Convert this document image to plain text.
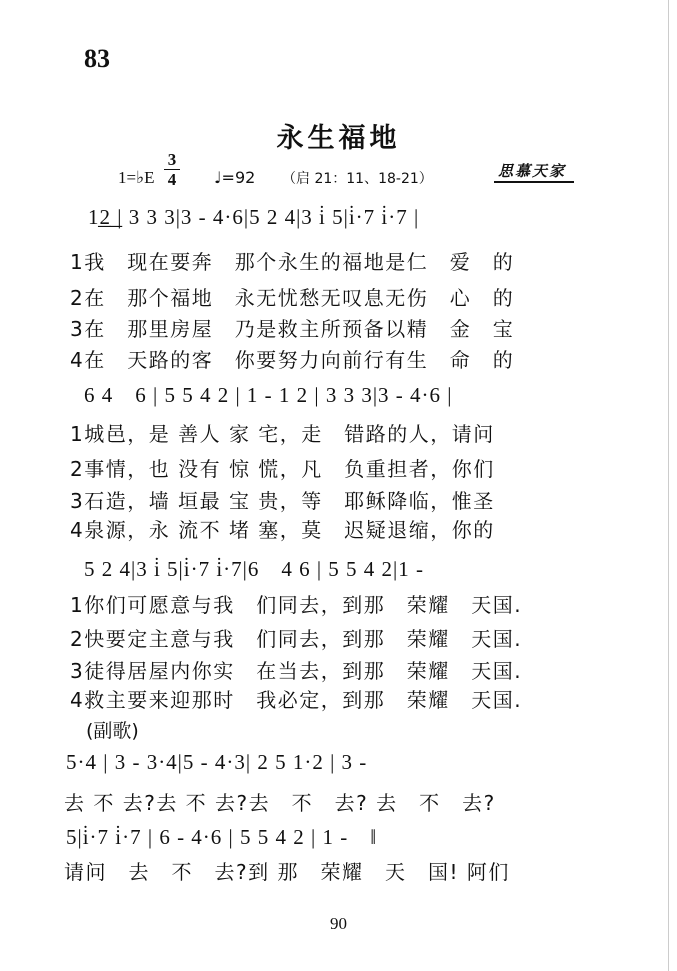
83
永生福地
1=♭E
3
4 ♩=92 （启 21：11、18-21）	思慕天家
1͟2͟ | 3 3 3|3 - 4·6|5 2 4|3 i̇ 5|i̇·7 i̇·7 |
1我　现在要奔　那个永生的福地是仁　爱　的
2在　那个福地　永无忧愁无叹息无伤　心　的
3在　那里房屋　乃是救主所预备以精　金　宝
4在　天路的客　你要努力向前行有生　命　的
6 4　6 | 5 5 4 2 | 1 - 1 2 | 3 3 3|3 - 4·6 |
1城邑，是 善人 家 宅，走　错路的人，请问
2事情，也 没有 惊 慌，凡　负重担者，你们
3石造，墙 垣最 宝 贵，等　耶稣降临，惟圣
4泉源，永 流不 堵 塞，莫　迟疑退缩，你的
5 2 4|3 i̇ 5|i̇·7 i̇·7|6　4 6 | 5 5 4 2|1 -
1你们可愿意与我　们同去，到那　荣耀　天国.
2快要定主意与我　们同去，到那　荣耀　天国.
3徒得居屋内你实　在当去，到那　荣耀　天国.
4救主要来迎那时　我必定，到那　荣耀　天国.
(副歌)
5·4 | 3 - 3·4|5 - 4·3| 2 5 1·2 | 3 -
去 不 去?去 不 去?去　不　去? 去　不　去?
5|i̇·7 i̇·7 | 6 - 4·6 | 5 5 4 2 | 1 -　‖
请问　去　不　去?到 那　荣耀　天　国! 阿们
90
